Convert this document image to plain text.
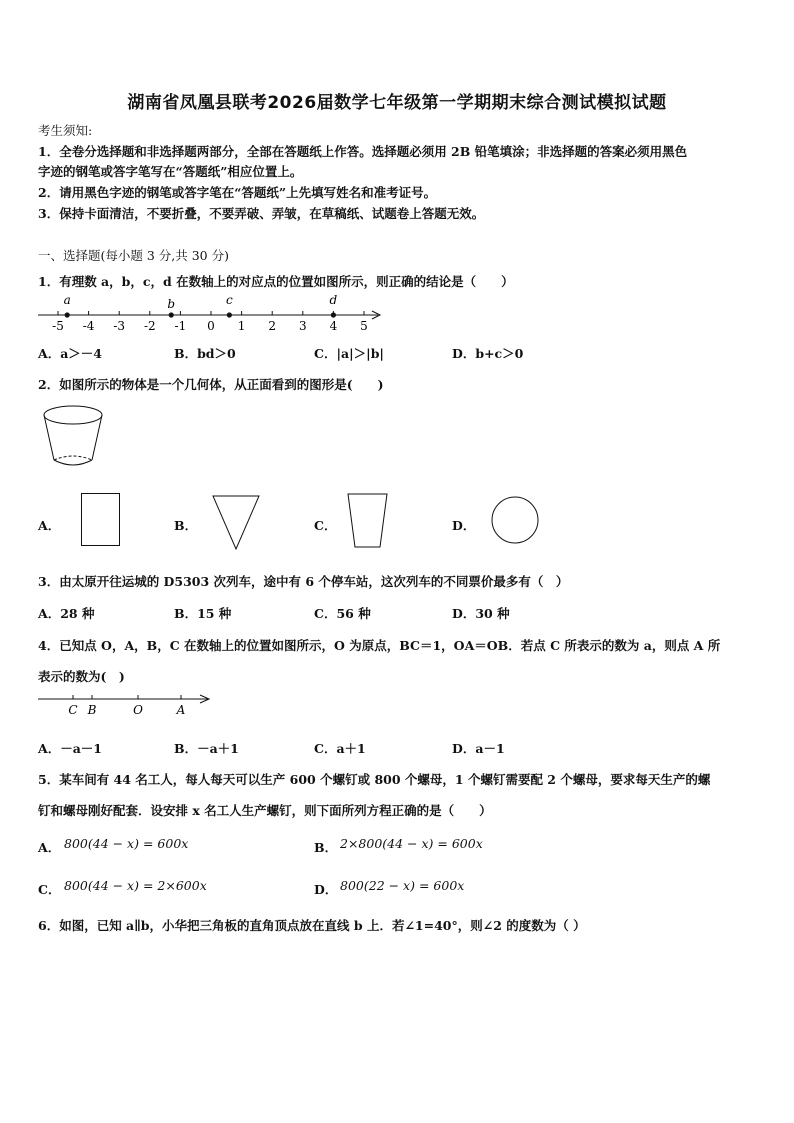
湖南省凤凰县联考2026届数学七年级第一学期期末综合测试模拟试题
考生须知:
1．全卷分选择题和非选择题两部分，全部在答题纸上作答。选择题必须用 2B 铅笔填涂；非选择题的答案必须用黑色
字迹的钢笔或答字笔写在“答题纸”相应位置上。
2．请用黑色字迹的钢笔或答字笔在“答题纸”上先填写姓名和准考证号。
3．保持卡面清洁，不要折叠，不要弄破、弄皱，在草稿纸、试题卷上答题无效。
一、选择题(每小题 3 分,共 30 分)
1．有理数 a，b，c，d 在数轴上的对应点的位置如图所示，则正确的结论是（　　）
-5 -4 -3 -2 -1 0 1 2 3 4 5
a	b	c	d
A．a＞－4	B．bd＞0	C．|a|＞|b|	D．b+c＞0
2．如图所示的物体是一个几何体，从正面看到的图形是(　　)
A．	B．	C．	D．
3．由太原开往运城的 D5303 次列车，途中有 6 个停车站，这次列车的不同票价最多有（　）
A．28 种	B．15 种	C．56 种	D．30 种
4．已知点 O，A，B，C 在数轴上的位置如图所示，O 为原点，BC＝1，OA＝OB．若点 C 所表示的数为 a，则点 A 所
表示的数为(　)
C B	O	A
A．－a－1	B．－a＋1	C．a＋1	D．a－1
5．某车间有 44 名工人，每人每天可以生产 600 个螺钉或 800 个螺母，1 个螺钉需要配 2 个螺母，要求每天生产的螺
钉和螺母刚好配套．设安排 x 名工人生产螺钉，则下面所列方程正确的是（　　）
A． 800(44 − x) = 600x	B． 2×800(44 − x) = 600x
C． 800(44 − x) = 2×600x	D． 800(22 − x) = 600x
6．如图，已知 a∥b，小华把三角板的直角顶点放在直线 b 上．若∠1=40°，则∠2 的度数为（ ）
